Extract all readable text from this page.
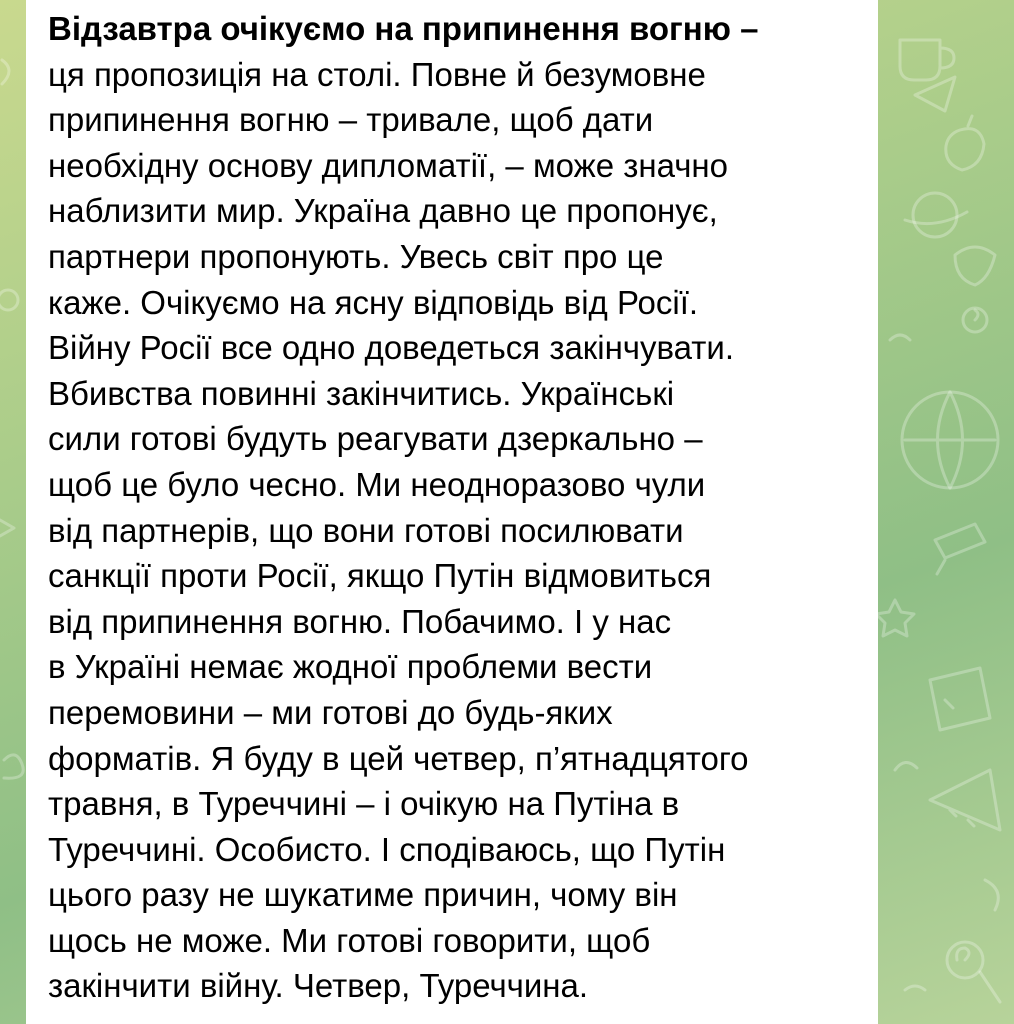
Відзавтра очікуємо на припинення вогню –
ця пропозиція на столі. Повне й безумовне
припинення вогню – тривале, щоб дати
необхідну основу дипломатії, – може значно
наблизити мир. Україна давно це пропонує,
партнери пропонують. Увесь світ про це
каже. Очікуємо на ясну відповідь від Росії.
Війну Росії все одно доведеться закінчувати.
Вбивства повинні закінчитись. Українські
сили готові будуть реагувати дзеркально –
щоб це було чесно. Ми неодноразово чули
від партнерів, що вони готові посилювати
санкції проти Росії, якщо Путін відмовиться
від припинення вогню. Побачимо. І у нас
в Україні немає жодної проблеми вести
перемовини – ми готові до будь-яких
форматів. Я буду в цей четвер, п’ятнадцятого
травня, в Туреччині – і очікую на Путіна в
Туреччині. Особисто. І сподіваюсь, що Путін
цього разу не шукатиме причин, чому він
щось не може. Ми готові говорити, щоб
закінчити війну. Четвер, Туреччина.
